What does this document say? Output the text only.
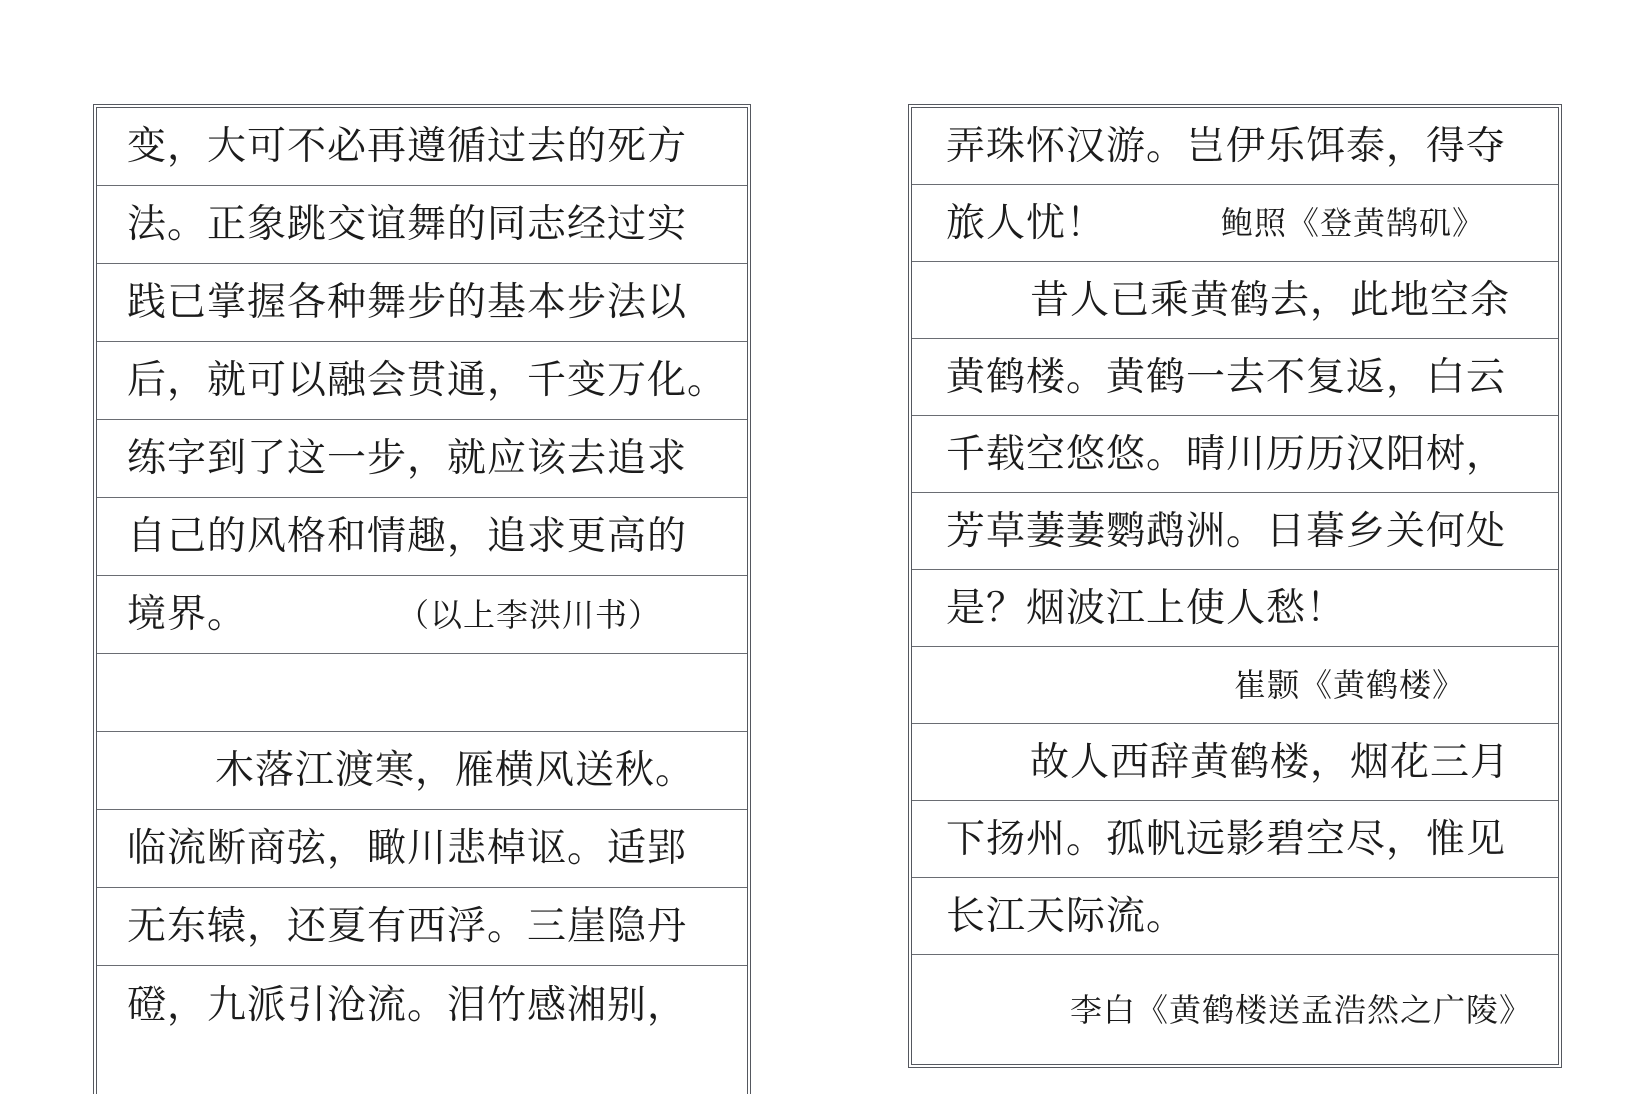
变，大可不必再遵循过去的死方
法。正象跳交谊舞的同志经过实
践已掌握各种舞步的基本步法以
后，就可以融会贯通，千变万化。
练字到了这一步，就应该去追求
自己的风格和情趣，追求更高的
境界。	（以上李洪川书）
木落江渡寒，雁横风送秋。
临流断商弦，瞰川悲棹讴。适郢
无东辕，还夏有西浮。三崖隐丹
磴，九派引沧流。泪竹感湘别，
弄珠怀汉游。岂伊乐饵泰，得夺
旅人忧！	鲍照《登黄鹄矶》
昔人已乘黄鹤去，此地空余
黄鹤楼。黄鹤一去不复返，白云
千载空悠悠。晴川历历汉阳树，
芳草萋萋鹦鹉洲。日暮乡关何处
是？烟波江上使人愁！
崔颢《黄鹤楼》
故人西辞黄鹤楼，烟花三月
下扬州。孤帆远影碧空尽，惟见
长江天际流。
李白《黄鹤楼送孟浩然之广陵》
